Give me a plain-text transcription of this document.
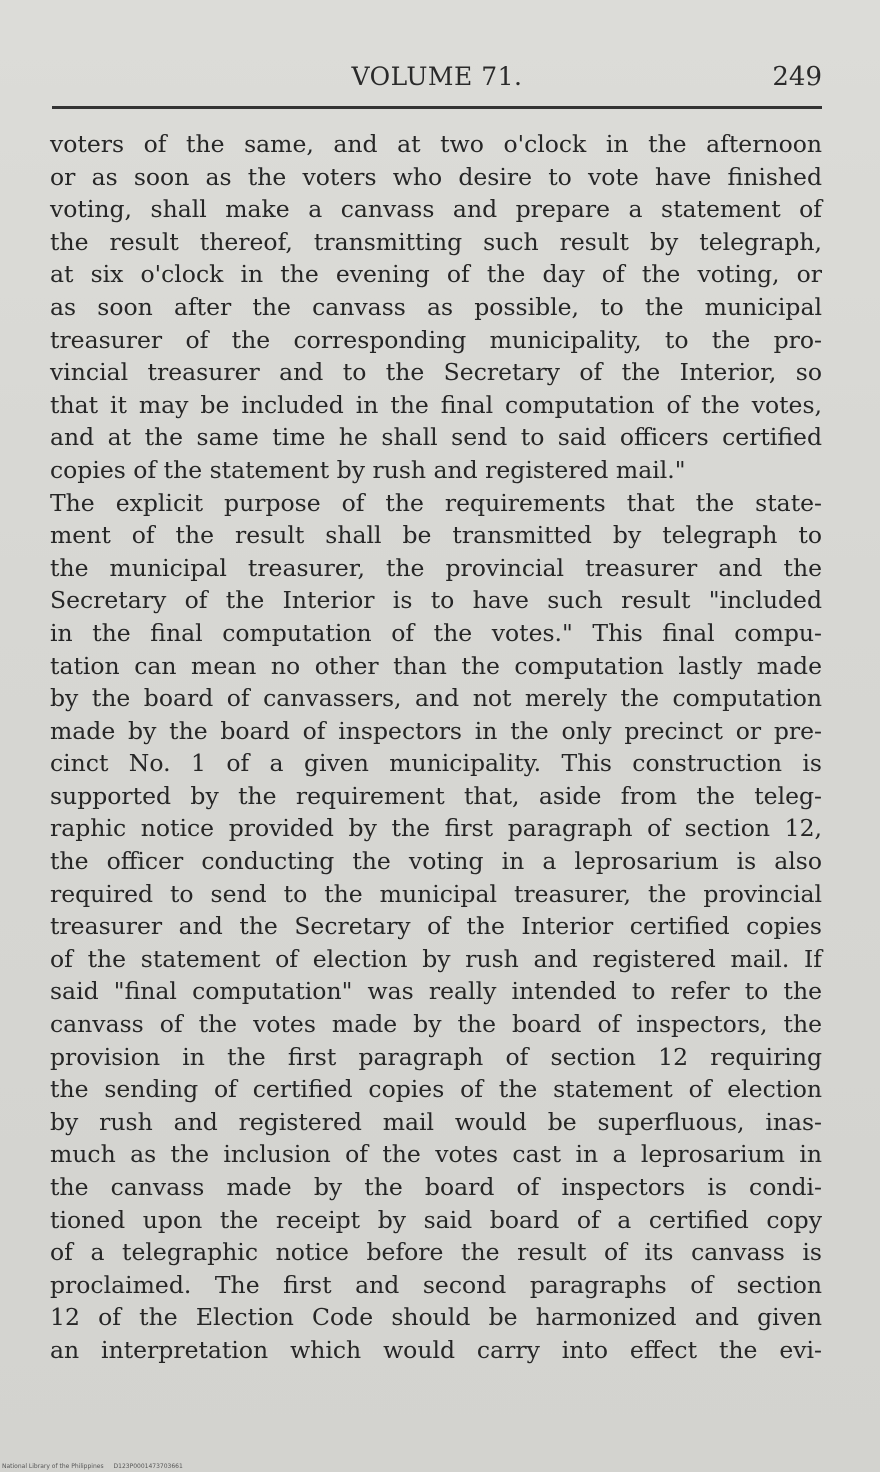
VOLUME 71.	249
voters of the same, and at two o'clock in the afternoon
or as soon as the voters who desire to vote have finished
voting, shall make a canvass and prepare a statement of
the result thereof, transmitting such result by telegraph,
at six o'clock in the evening of the day of the voting, or
as soon after the canvass as possible, to the municipal
treasurer of the corresponding municipality, to the pro-
vincial treasurer and to the Secretary of the Interior, so
that it may be included in the final computation of the votes,
and at the same time he shall send to said officers certified
copies of the statement by rush and registered mail."
The explicit purpose of the requirements that the state-
ment of the result shall be transmitted by telegraph to
the municipal treasurer, the provincial treasurer and the
Secretary of the Interior is to have such result "included
in the final computation of the votes." This final compu-
tation can mean no other than the computation lastly made
by the board of canvassers, and not merely the computation
made by the board of inspectors in the only precinct or pre-
cinct No. 1 of a given municipality. This construction is
supported by the requirement that, aside from the teleg-
raphic notice provided by the first paragraph of section 12,
the officer conducting the voting in a leprosarium is also
required to send to the municipal treasurer, the provincial
treasurer and the Secretary of the Interior certified copies
of the statement of election by rush and registered mail. If
said "final computation" was really intended to refer to the
canvass of the votes made by the board of inspectors, the
provision in the first paragraph of section 12 requiring
the sending of certified copies of the statement of election
by rush and registered mail would be superfluous, inas-
much as the inclusion of the votes cast in a leprosarium in
the canvass made by the board of inspectors is condi-
tioned upon the receipt by said board of a certified copy
of a telegraphic notice before the result of its canvass is
proclaimed. The first and second paragraphs of section
12 of the Election Code should be harmonized and given
an interpretation which would carry into effect the evi-
National Library of the Philippines D123P0001473703661
